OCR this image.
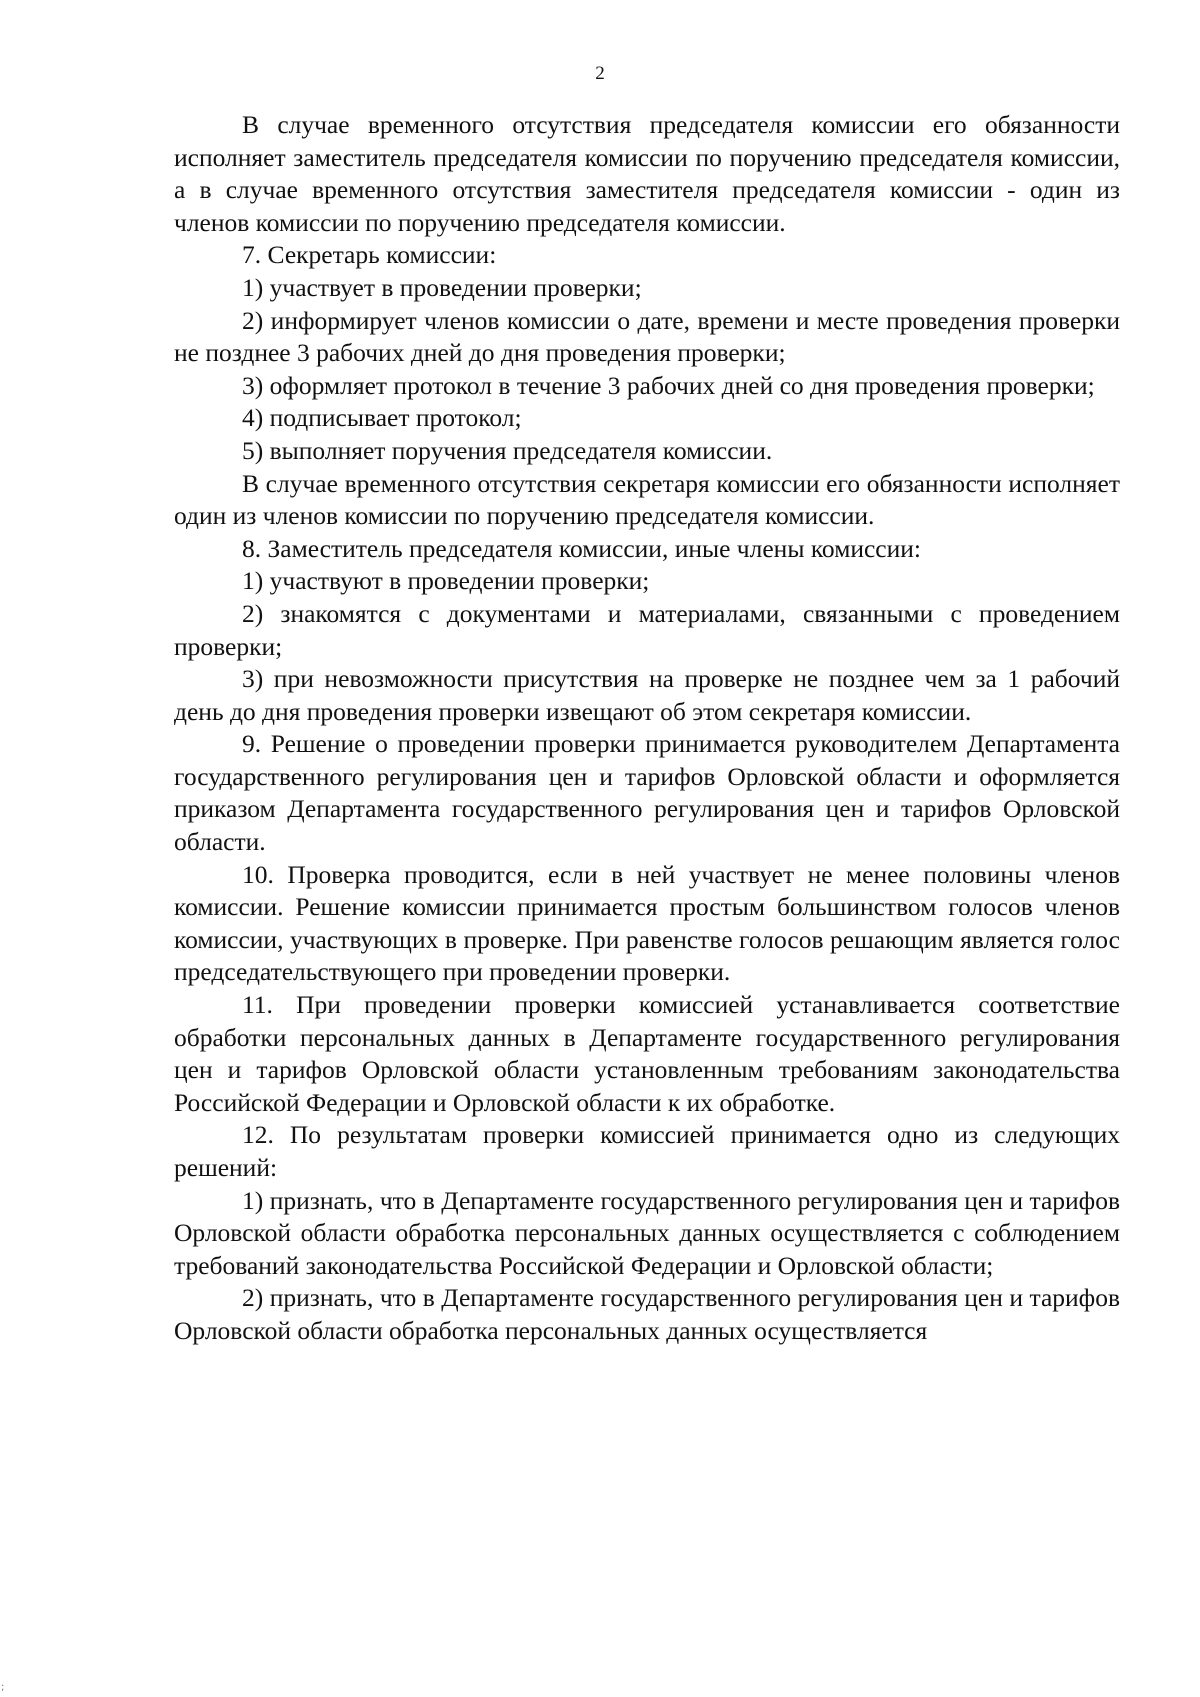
2

В случае временного отсутствия председателя комиссии его обязанности исполняет заместитель председателя комиссии по поручению председателя комиссии, а в случае временного отсутствия заместителя председателя комиссии - один из членов комиссии по поручению председателя комиссии.

7. Секретарь комиссии:

1) участвует в проведении проверки;

2) информирует членов комиссии о дате, времени и месте проведения проверки не позднее 3 рабочих дней до дня проведения проверки;

3) оформляет протокол в течение 3 рабочих дней со дня проведения проверки;

4) подписывает протокол;

5) выполняет поручения председателя комиссии.

В случае временного отсутствия секретаря комиссии его обязанности исполняет один из членов комиссии по поручению председателя комиссии.

8. Заместитель председателя комиссии, иные члены комиссии:

1) участвуют в проведении проверки;

2) знакомятся с документами и материалами, связанными с проведением проверки;

3) при невозможности присутствия на проверке не позднее чем за 1 рабочий день до дня проведения проверки извещают об этом секретаря комиссии.

9. Решение о проведении проверки принимается руководителем Департамента государственного регулирования цен и тарифов Орловской области и оформляется приказом Департамента государственного регулирования цен и тарифов Орловской области.

10. Проверка проводится, если в ней участвует не менее половины членов комиссии. Решение комиссии принимается простым большинством голосов членов комиссии, участвующих в проверке. При равенстве голосов решающим является голос председательствующего при проведении проверки.

11. При проведении проверки комиссией устанавливается соответствие обработки персональных данных в Департаменте государственного регулирования цен и тарифов Орловской области установленным требованиям законодательства Российской Федерации и Орловской области к их обработке.

12. По результатам проверки комиссией принимается одно из следующих решений:

1) признать, что в Департаменте государственного регулирования цен и тарифов Орловской области обработка персональных данных осуществляется с соблюдением требований законодательства Российской Федерации и Орловской области;

2) признать, что в Департаменте государственного регулирования цен и тарифов Орловской области обработка персональных данных осуществляется

;
